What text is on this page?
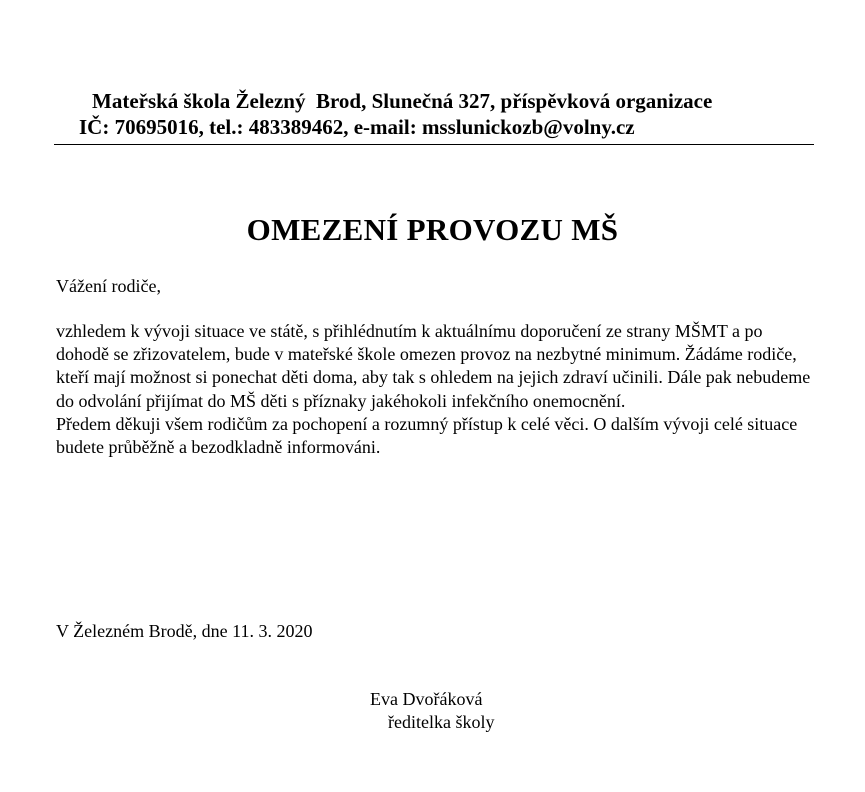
Mateřská škola Železný  Brod, Slunečná 327, příspěvková organizace
IČ: 70695016, tel.: 483389462, e-mail: msslunickozb@volny.cz
OMEZENÍ PROVOZU MŠ
Vážení rodiče,

vzhledem k vývoji situace ve státě, s přihlédnutím k aktuálnímu doporučení ze strany MŠMT a po dohodě se zřizovatelem, bude v mateřské škole omezen provoz na nezbytné minimum. Žádáme rodiče, kteří mají možnost si ponechat děti doma, aby tak s ohledem na jejich zdraví učinili. Dále pak nebudeme do odvolání přijímat do MŠ děti s příznaky jakéhokoli infekčního onemocnění.

Předem děkuji všem rodičům za pochopení a rozumný přístup k celé věci. O dalším vývoji celé situace budete průběžně a bezodkladně informováni.

V Železném Brodě, dne 11. 3. 2020
Eva Dvořáková
ředitelka školy
